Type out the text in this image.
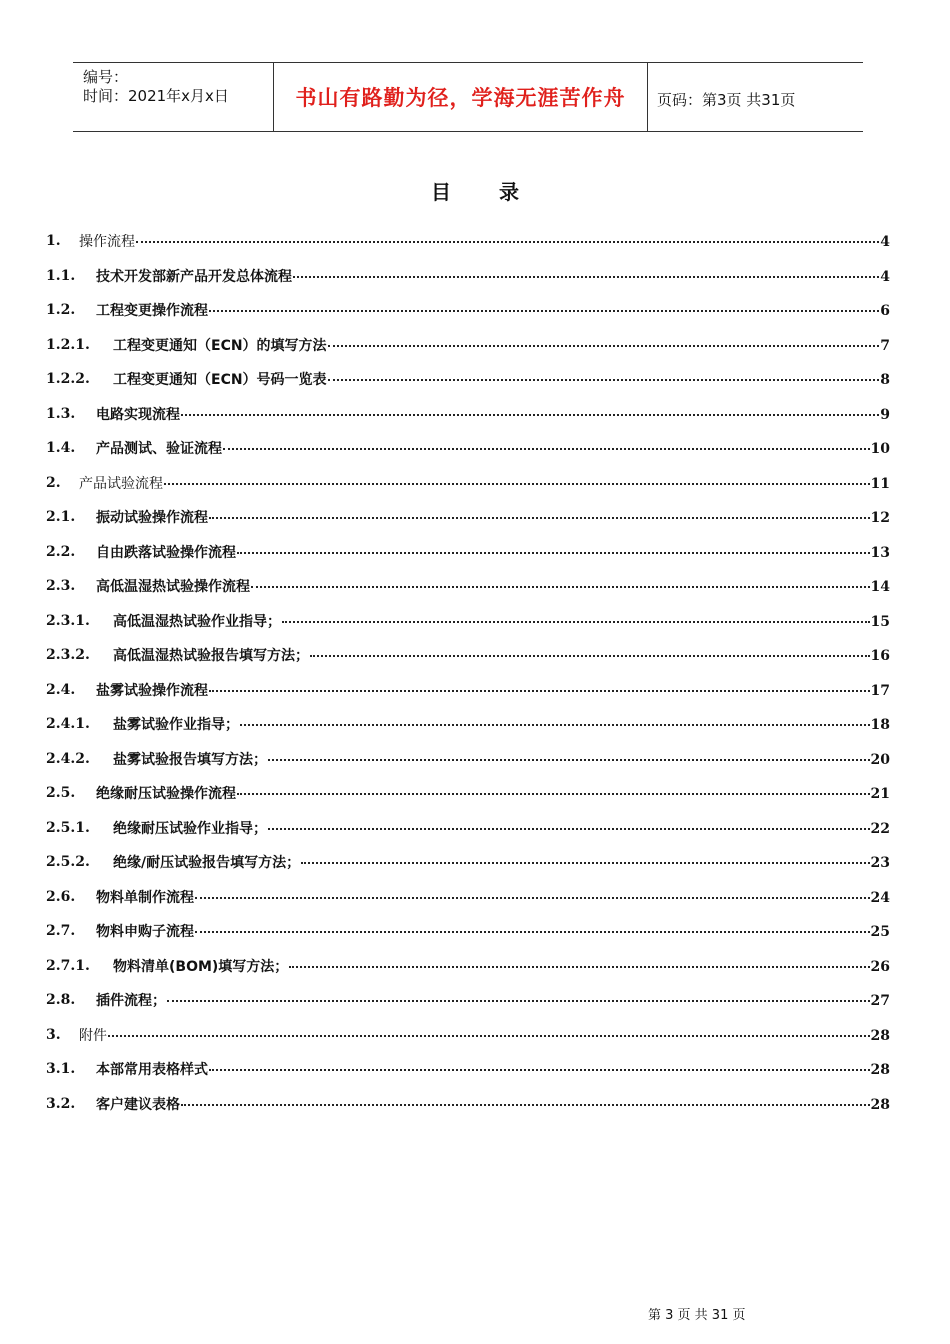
编号：
时间：2021年x月x日	书山有路勤为径，学海无涯苦作舟	页码：第3页 共31页
目 录
1. 操作流程	4
1.1. 技术开发部新产品开发总体流程	4
1.2. 工程变更操作流程	6
1.2.1. 工程变更通知（ECN）的填写方法	7
1.2.2. 工程变更通知（ECN）号码一览表	8
1.3. 电路实现流程	9
1.4. 产品测试、验证流程	10
2. 产品试验流程	11
2.1. 振动试验操作流程	12
2.2. 自由跌落试验操作流程	13
2.3. 高低温湿热试验操作流程	14
2.3.1. 高低温湿热试验作业指导；	15
2.3.2. 高低温湿热试验报告填写方法；	16
2.4. 盐雾试验操作流程	17
2.4.1. 盐雾试验作业指导；	18
2.4.2. 盐雾试验报告填写方法；	20
2.5. 绝缘耐压试验操作流程	21
2.5.1. 绝缘耐压试验作业指导；	22
2.5.2. 绝缘/耐压试验报告填写方法；	23
2.6. 物料单制作流程	24
2.7. 物料申购子流程	25
2.7.1. 物料清单(BOM)填写方法；	26
2.8. 插件流程；	27
3. 附件	28
3.1. 本部常用表格样式	28
3.2. 客户建议表格	28
第 3 页 共 31 页
